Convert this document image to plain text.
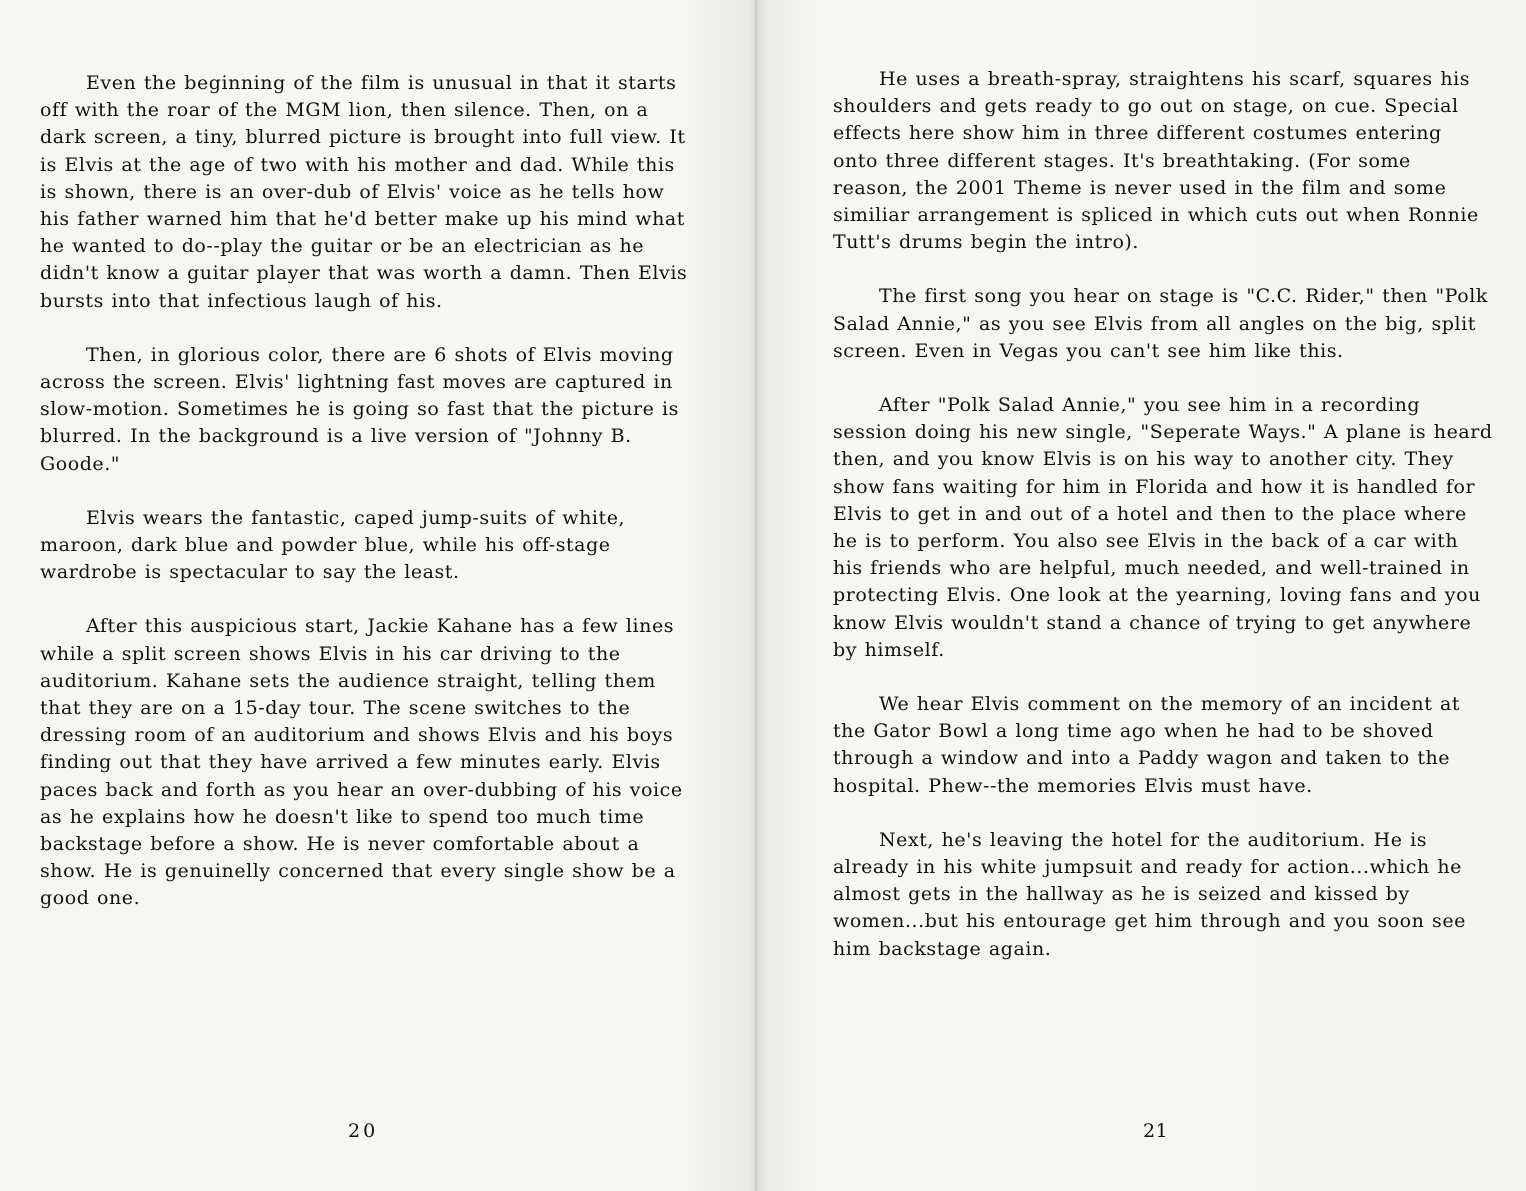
Even the beginning of the film is unusual in that it starts off with the roar of the MGM lion, then silence. Then, on a dark screen, a tiny, blurred picture is brought into full view. It is Elvis at the age of two with his mother and dad. While this is shown, there is an over-dub of Elvis' voice as he tells how his father warned him that he'd better make up his mind what he wanted to do--play the guitar or be an electrician as he didn't know a guitar player that was worth a damn. Then Elvis bursts into that infectious laugh of his.

Then, in glorious color, there are 6 shots of Elvis moving across the screen. Elvis' lightning fast moves are captured in slow-motion. Sometimes he is going so fast that the picture is blurred. In the background is a live version of "Johnny B. Goode."

Elvis wears the fantastic, caped jump-suits of white, maroon, dark blue and powder blue, while his off-stage wardrobe is spectacular to say the least.

After this auspicious start, Jackie Kahane has a few lines while a split screen shows Elvis in his car driving to the auditorium. Kahane sets the audience straight, telling them that they are on a 15-day tour. The scene switches to the dressing room of an auditorium and shows Elvis and his boys finding out that they have arrived a few minutes early. Elvis paces back and forth as you hear an over-dubbing of his voice as he explains how he doesn't like to spend too much time backstage before a show. He is never comfortable about a show. He is genuinelly concerned that every single show be a good one.

20

He uses a breath-spray, straightens his scarf, squares his shoulders and gets ready to go out on stage, on cue. Special effects here show him in three different costumes entering onto three different stages. It's breathtaking. (For some reason, the 2001 Theme is never used in the film and some similiar arrangement is spliced in which cuts out when Ronnie Tutt's drums begin the intro).

The first song you hear on stage is "C.C. Rider," then "Polk Salad Annie," as you see Elvis from all angles on the big, split screen. Even in Vegas you can't see him like this.

After "Polk Salad Annie," you see him in a recording session doing his new single, "Seperate Ways." A plane is heard then, and you know Elvis is on his way to another city. They show fans waiting for him in Florida and how it is handled for Elvis to get in and out of a hotel and then to the place where he is to perform. You also see Elvis in the back of a car with his friends who are helpful, much needed, and well-trained in protecting Elvis. One look at the yearning, loving fans and you know Elvis wouldn't stand a chance of trying to get anywhere by himself.

We hear Elvis comment on the memory of an incident at the Gator Bowl a long time ago when he had to be shoved through a window and into a Paddy wagon and taken to the hospital. Phew--the memories Elvis must have.

Next, he's leaving the hotel for the auditorium. He is already in his white jumpsuit and ready for action...which he almost gets in the hallway as he is seized and kissed by women...but his entourage get him through and you soon see him backstage again.

21
